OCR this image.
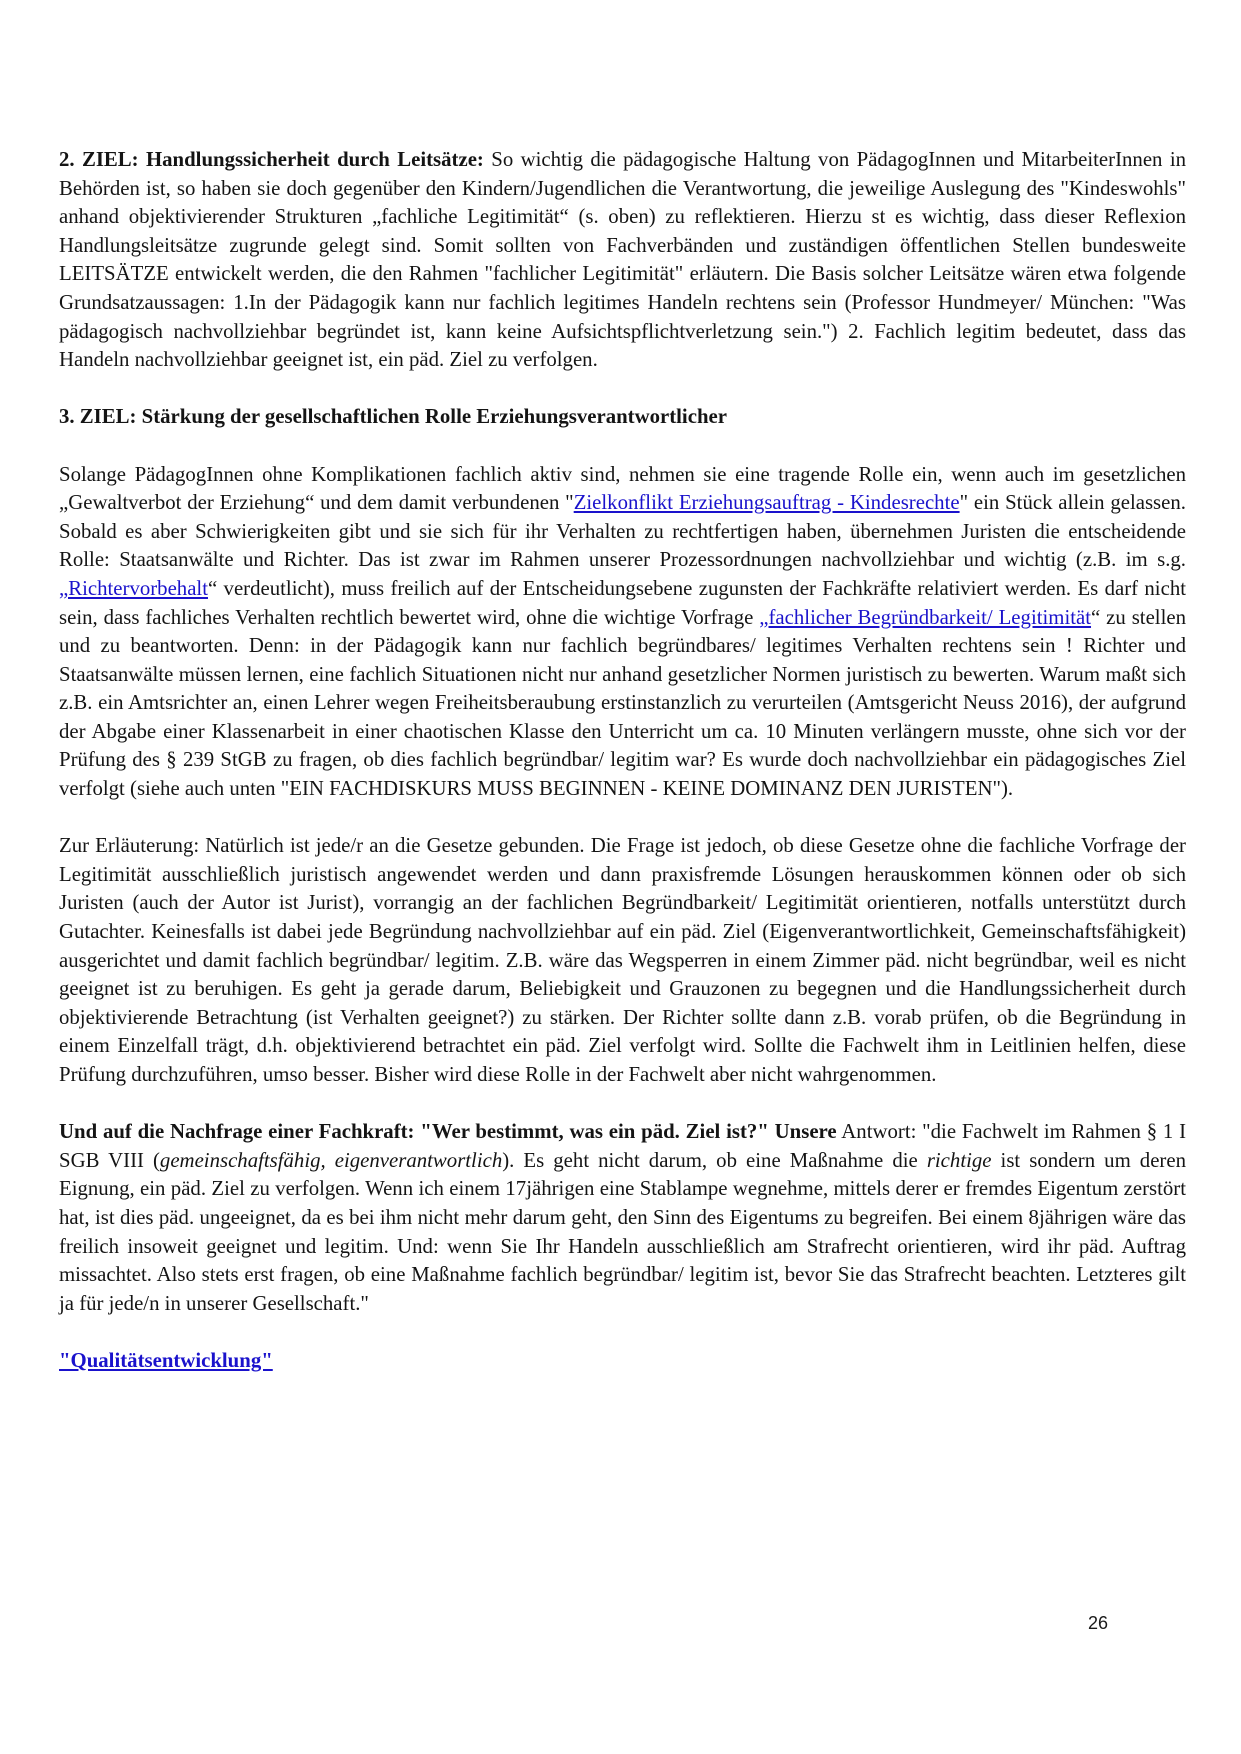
2. ZIEL: Handlungssicherheit durch Leitsätze: So wichtig die pädagogische Haltung von PädagogInnen und MitarbeiterInnen in Behörden ist, so haben sie doch gegenüber den Kindern/Jugendlichen die Verantwortung, die jeweilige Auslegung des "Kindeswohls" anhand objektivierender Strukturen „fachliche Legitimität“ (s. oben) zu reflektieren. Hierzu st es wichtig, dass dieser Reflexion Handlungsleitsätze zugrunde gelegt sind. Somit sollten von Fachverbänden und zuständigen öffentlichen Stellen bundesweite LEITSÄTZE entwickelt werden, die den Rahmen "fachlicher Legitimität" erläutern. Die Basis solcher Leitsätze wären etwa folgende Grundsatzaussagen: 1.In der Pädagogik kann nur fachlich legitimes Handeln rechtens sein (Professor Hundmeyer/ München: "Was pädagogisch nachvollziehbar begründet ist, kann keine Aufsichtspflichtverletzung sein.") 2. Fachlich legitim bedeutet, dass das Handeln nachvollziehbar geeignet ist, ein päd. Ziel zu verfolgen.

3. ZIEL: Stärkung der gesellschaftlichen Rolle Erziehungsverantwortlicher

Solange PädagogInnen ohne Komplikationen fachlich aktiv sind, nehmen sie eine tragende Rolle ein, wenn auch im gesetzlichen „Gewaltverbot der Erziehung“ und dem damit verbundenen "Zielkonflikt Erziehungsauftrag - Kindesrechte" ein Stück allein gelassen. Sobald es aber Schwierigkeiten gibt und sie sich für ihr Verhalten zu rechtfertigen haben, übernehmen Juristen die entscheidende Rolle: Staatsanwälte und Richter. Das ist zwar im Rahmen unserer Prozessordnungen nachvollziehbar und wichtig (z.B. im s.g. „Richtervorbehalt“ verdeutlicht), muss freilich auf der Entscheidungsebene zugunsten der Fachkräfte relativiert werden. Es darf nicht sein, dass fachliches Verhalten rechtlich bewertet wird, ohne die wichtige Vorfrage „fachlicher Begründbarkeit/ Legitimität“ zu stellen und zu beantworten. Denn: in der Pädagogik kann nur fachlich begründbares/ legitimes Verhalten rechtens sein ! Richter und Staatsanwälte müssen lernen, eine fachlich Situationen nicht nur anhand gesetzlicher Normen juristisch zu bewerten. Warum maßt sich z.B. ein Amtsrichter an, einen Lehrer wegen Freiheitsberaubung erstinstanzlich zu verurteilen (Amtsgericht Neuss 2016), der aufgrund der Abgabe einer Klassenarbeit in einer chaotischen Klasse den Unterricht um ca. 10 Minuten verlängern musste, ohne sich vor der Prüfung des § 239 StGB zu fragen, ob dies fachlich begründbar/ legitim war? Es wurde doch nachvollziehbar ein pädagogisches Ziel verfolgt (siehe auch unten "EIN FACHDISKURS MUSS BEGINNEN - KEINE DOMINANZ DEN JURISTEN").

Zur Erläuterung: Natürlich ist jede/r an die Gesetze gebunden. Die Frage ist jedoch, ob diese Gesetze ohne die fachliche Vorfrage der Legitimität ausschließlich juristisch angewendet werden und dann praxisfremde Lösungen herauskommen können oder ob sich Juristen (auch der Autor ist Jurist), vorrangig an der fachlichen Begründbarkeit/ Legitimität orientieren, notfalls unterstützt durch Gutachter. Keinesfalls ist dabei jede Begründung nachvollziehbar auf ein päd. Ziel (Eigenverantwortlichkeit, Gemeinschaftsfähigkeit) ausgerichtet und damit fachlich begründbar/ legitim. Z.B. wäre das Wegsperren in einem Zimmer päd. nicht begründbar, weil es nicht geeignet ist zu beruhigen. Es geht ja gerade darum, Beliebigkeit und Grauzonen zu begegnen und die Handlungssicherheit durch objektivierende Betrachtung (ist Verhalten geeignet?) zu stärken. Der Richter sollte dann z.B. vorab prüfen, ob die Begründung in einem Einzelfall trägt, d.h. objektivierend betrachtet ein päd. Ziel verfolgt wird. Sollte die Fachwelt ihm in Leitlinien helfen, diese Prüfung durchzuführen, umso besser. Bisher wird diese Rolle in der Fachwelt aber nicht wahrgenommen.

Und auf die Nachfrage einer Fachkraft: "Wer bestimmt, was ein päd. Ziel ist?" Unsere Antwort: "die Fachwelt im Rahmen § 1 I SGB VIII (gemeinschaftsfähig, eigenverantwortlich). Es geht nicht darum, ob eine Maßnahme die richtige ist sondern um deren Eignung, ein päd. Ziel zu verfolgen. Wenn ich einem 17jährigen eine Stablampe wegnehme, mittels derer er fremdes Eigentum zerstört hat, ist dies päd. ungeeignet, da es bei ihm nicht mehr darum geht, den Sinn des Eigentums zu begreifen. Bei einem 8jährigen wäre das freilich insoweit geeignet und legitim. Und: wenn Sie Ihr Handeln ausschließlich am Strafrecht orientieren, wird ihr päd. Auftrag missachtet. Also stets erst fragen, ob eine Maßnahme fachlich begründbar/ legitim ist, bevor Sie das Strafrecht beachten. Letzteres gilt ja für jede/n in unserer Gesellschaft."

"Qualitätsentwicklung"

26
